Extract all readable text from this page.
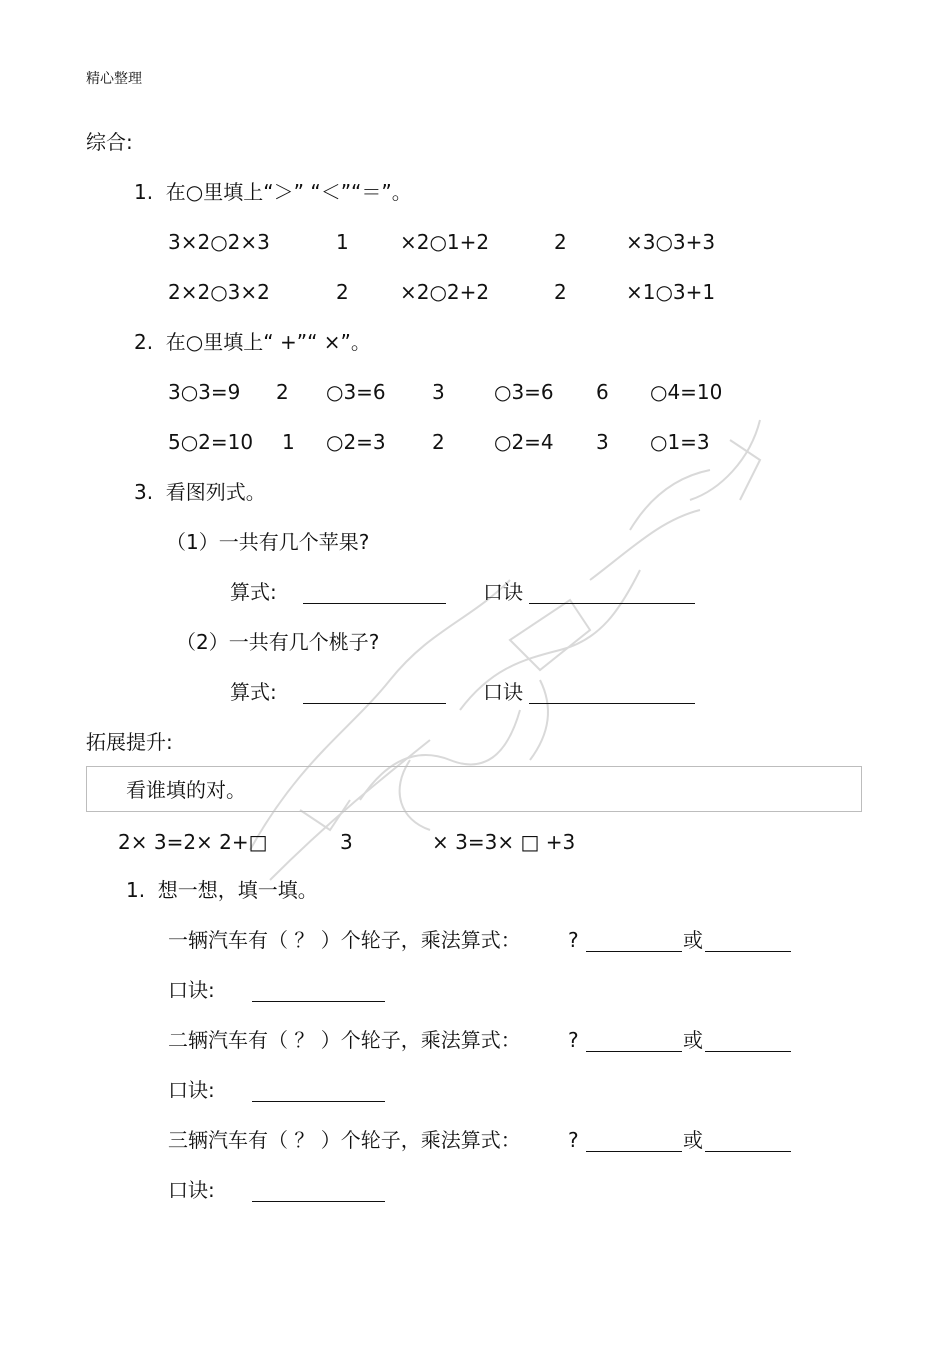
精心整理
综合:
1.  在○里填上“＞” “＜”“＝”。
3×2○2×3	1	×2○1+2	2	×3○3+3
2×2○3×2	2	×2○2+2	2	×1○3+1
2.  在○里填上“ +”“ ×”。
3○3=9 2 ○3=6 3 ○3=6 6 ○4=10
5○2=10 1 ○2=3 2 ○2=4 3 ○1=3
3.  看图列式。
（1）一共有几个苹果?
算式:	口诀
（2）一共有几个桃子?
算式:	口诀
拓展提升:
看谁填的对。
2× 3=2× 2+□	3	× 3=3× □ +3
1.  想一想，填一填。
一辆汽车有（ ？ ）个轮子，乘法算式： ?	或
口诀:
二辆汽车有（ ？ ）个轮子，乘法算式： ?	或
口诀:
三辆汽车有（ ？ ）个轮子，乘法算式： ?	或
口诀:
